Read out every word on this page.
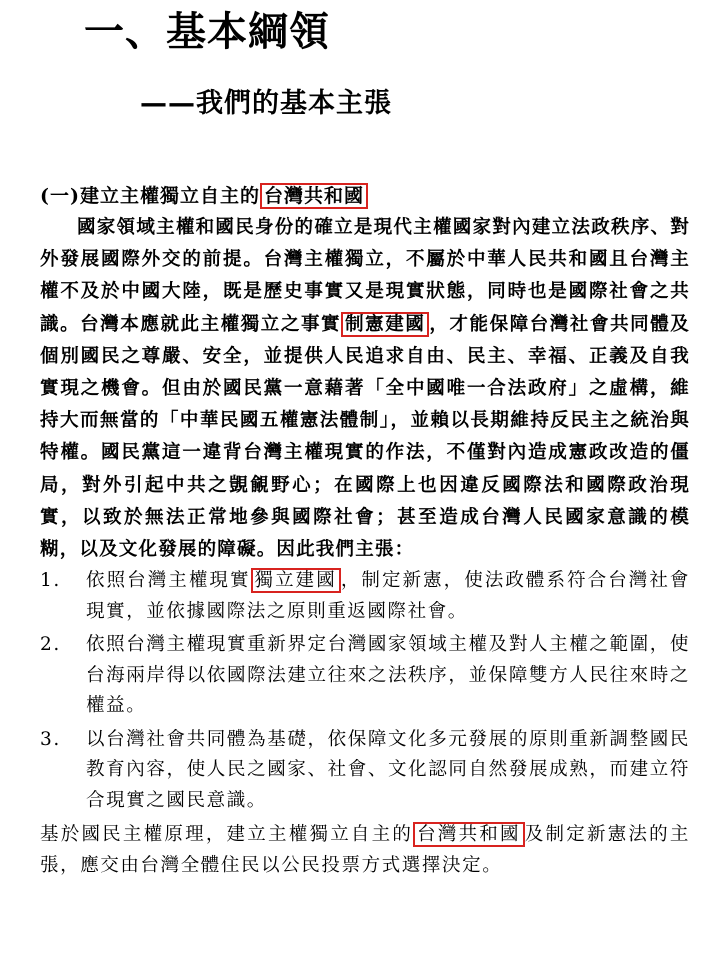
一、基本綱領
——我們的基本主張

(一)建立主權獨立自主的 台灣共和國

國家領域主權和國民身份的確立是現代主權國家對內建立法政秩序、對外發展國際外交的前提。台灣主權獨立，不屬於中華人民共和國且台灣主權不及於中國大陸，既是歷史事實又是現實狀態，同時也是國際社會之共識。台灣本應就此主權獨立之事實 制憲建國 ，才能保障台灣社會共同體及個別國民之尊嚴、安全，並提供人民追求自由、民主、幸福、正義及自我實現之機會。但由於國民黨一意藉著「全中國唯一合法政府」之虛構，維持大而無當的「中華民國五權憲法體制」，並賴以長期維持反民主之統治與特權。國民黨這一違背台灣主權現實的作法，不僅對內造成憲政改造的僵局，對外引起中共之覬覦野心；在國際上也因違反國際法和國際政治現實，以致於無法正常地參與國際社會；甚至造成台灣人民國家意識的模糊，以及文化發展的障礙。因此我們主張：

1. 依照台灣主權現實 獨立建國 ，制定新憲，使法政體系符合台灣社會現實，並依據國際法之原則重返國際社會。
2. 依照台灣主權現實重新界定台灣國家領域主權及對人主權之範圍，使台海兩岸得以依國際法建立往來之法秩序，並保障雙方人民往來時之權益。
3. 以台灣社會共同體為基礎，依保障文化多元發展的原則重新調整國民教育內容，使人民之國家、社會、文化認同自然發展成熟，而建立符合現實之國民意識。

基於國民主權原理，建立主權獨立自主的 台灣共和國 及制定新憲法的主張，應交由台灣全體住民以公民投票方式選擇決定。
